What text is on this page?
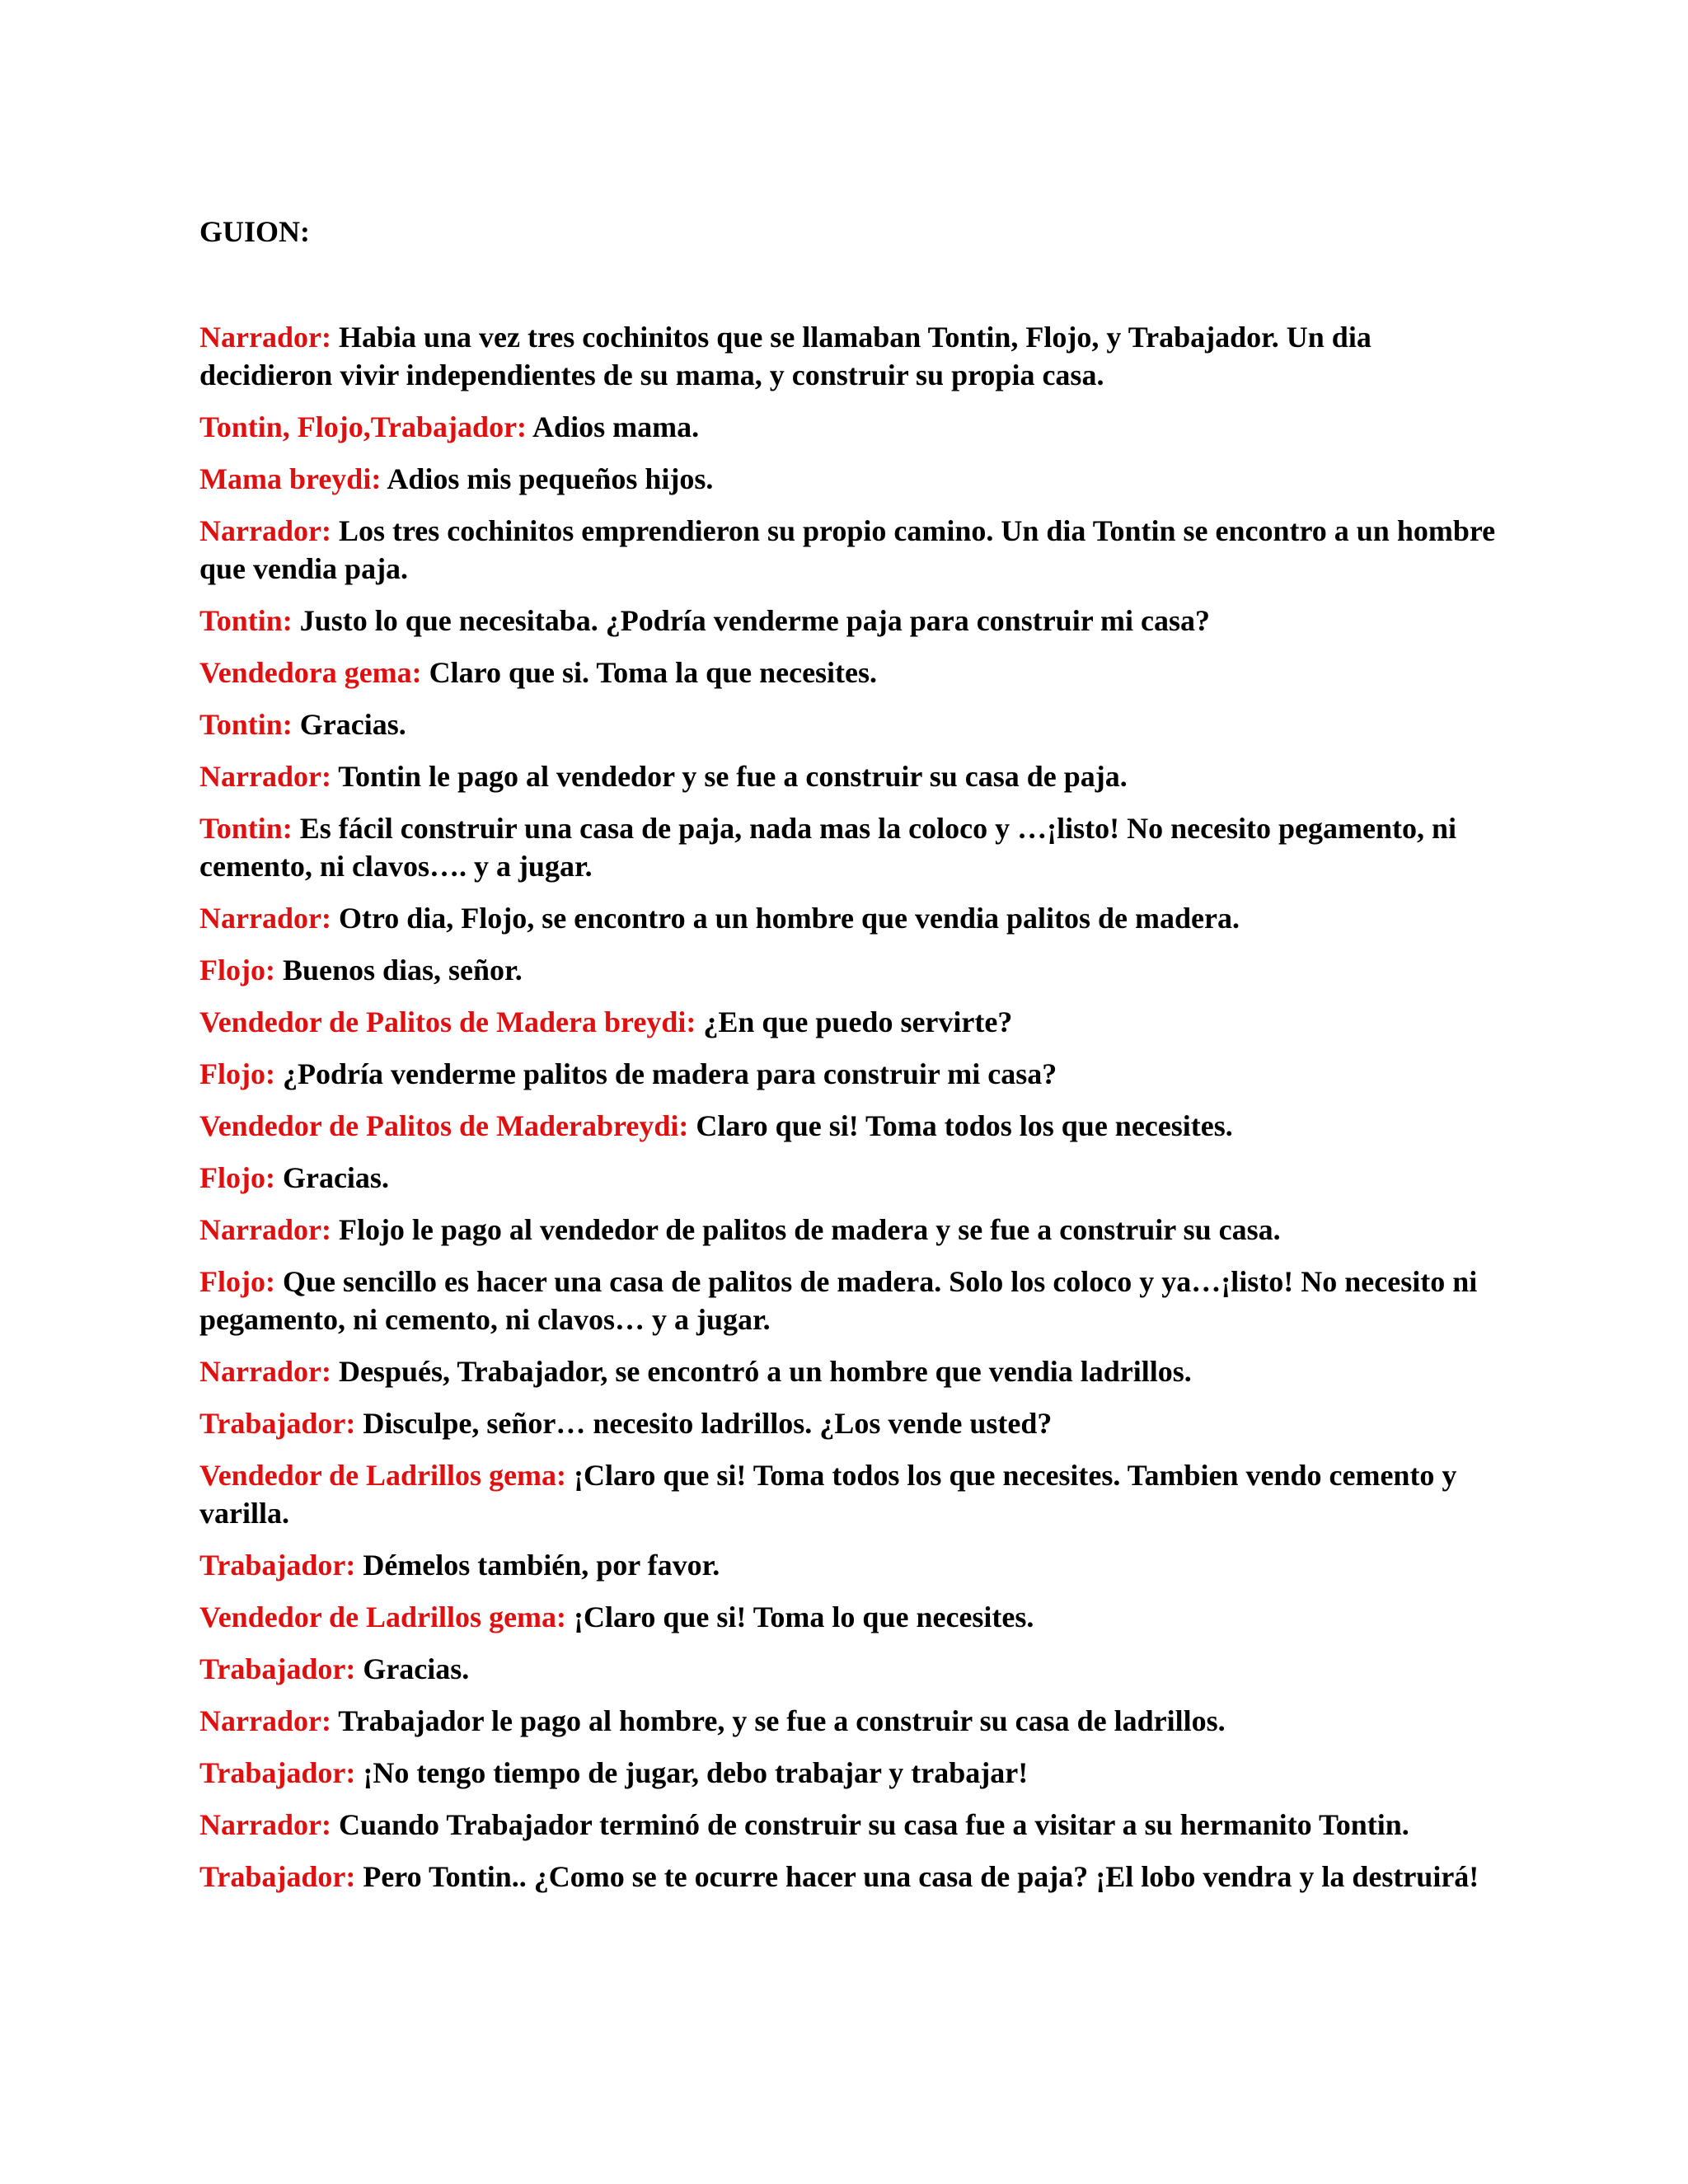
GUION:
Narrador: Habia una vez tres cochinitos que se llamaban Tontin, Flojo, y Trabajador. Un dia decidieron vivir independientes de su mama, y construir su propia casa.
Tontin, Flojo,Trabajador: Adios mama.
Mama breydi: Adios mis pequeños hijos.
Narrador: Los tres cochinitos emprendieron su propio camino. Un dia Tontin se encontro a un hombre que vendia paja.
Tontin: Justo lo que necesitaba. ¿Podría venderme paja para construir mi casa?
Vendedora gema: Claro que si. Toma la que necesites.
Tontin: Gracias.
Narrador: Tontin le pago al vendedor y se fue a construir su casa de paja.
Tontin: Es fácil construir una casa de paja, nada mas la coloco y …¡listo! No necesito pegamento, ni cemento, ni clavos…. y a jugar.
Narrador: Otro dia, Flojo, se encontro a un hombre que vendia palitos de madera.
Flojo: Buenos dias, señor.
Vendedor de Palitos de Madera breydi: ¿En que puedo servirte?
Flojo: ¿Podría venderme palitos de madera para construir mi casa?
Vendedor de Palitos de Maderabreydi: Claro que si! Toma todos los que necesites.
Flojo: Gracias.
Narrador: Flojo le pago al vendedor de palitos de madera y se fue a construir su casa.
Flojo: Que sencillo es hacer una casa de palitos de madera. Solo los coloco y ya…¡listo! No necesito ni pegamento, ni cemento, ni clavos… y a jugar.
Narrador: Después, Trabajador, se encontró a un hombre que vendia ladrillos.
Trabajador: Disculpe, señor… necesito ladrillos. ¿Los vende usted?
Vendedor de Ladrillos gema: ¡Claro que si! Toma todos los que necesites. Tambien vendo cemento y varilla.
Trabajador: Démelos también, por favor.
Vendedor de Ladrillos gema: ¡Claro que si! Toma lo que necesites.
Trabajador: Gracias.
Narrador: Trabajador le pago al hombre, y se fue a construir su casa de ladrillos.
Trabajador: ¡No tengo tiempo de jugar, debo trabajar y trabajar!
Narrador: Cuando Trabajador terminó de construir su casa fue a visitar a su hermanito Tontin.
Trabajador: Pero Tontin.. ¿Como se te ocurre hacer una casa de paja? ¡El lobo vendra y la destruirá!
